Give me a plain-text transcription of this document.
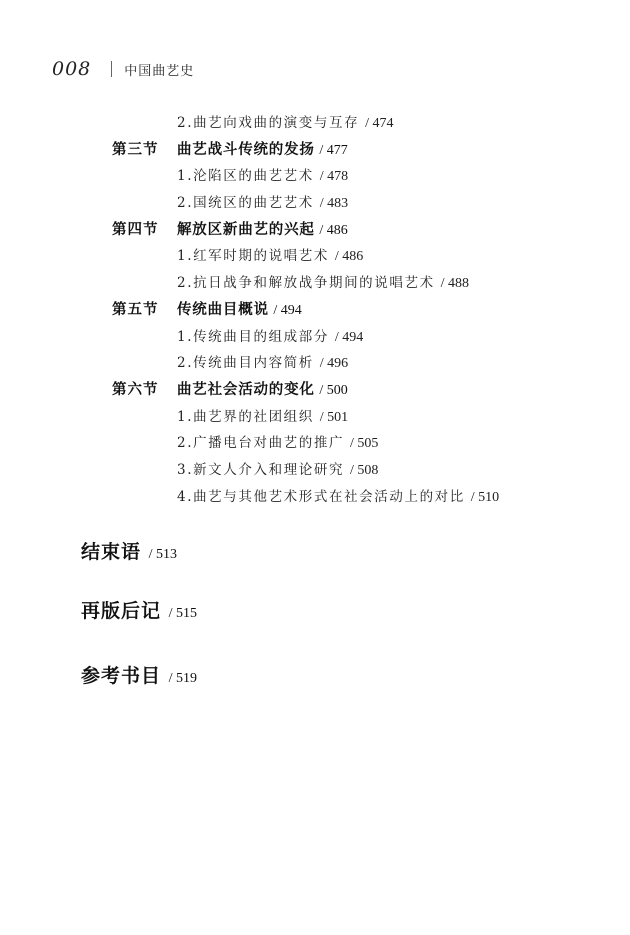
008	中国曲艺史
2.曲艺向戏曲的演变与互存 / 474
第三节 曲艺战斗传统的发扬 / 477
1.沦陷区的曲艺艺术 / 478
2.国统区的曲艺艺术 / 483
第四节 解放区新曲艺的兴起 / 486
1.红军时期的说唱艺术 / 486
2.抗日战争和解放战争期间的说唱艺术 / 488
第五节 传统曲目概说 / 494
1.传统曲目的组成部分 / 494
2.传统曲目内容简析 / 496
第六节 曲艺社会活动的变化 / 500
1.曲艺界的社团组织 / 501
2.广播电台对曲艺的推广 / 505
3.新文人介入和理论研究 / 508
4.曲艺与其他艺术形式在社会活动上的对比 / 510
结束语 / 513
再版后记 / 515
参考书目 / 519
